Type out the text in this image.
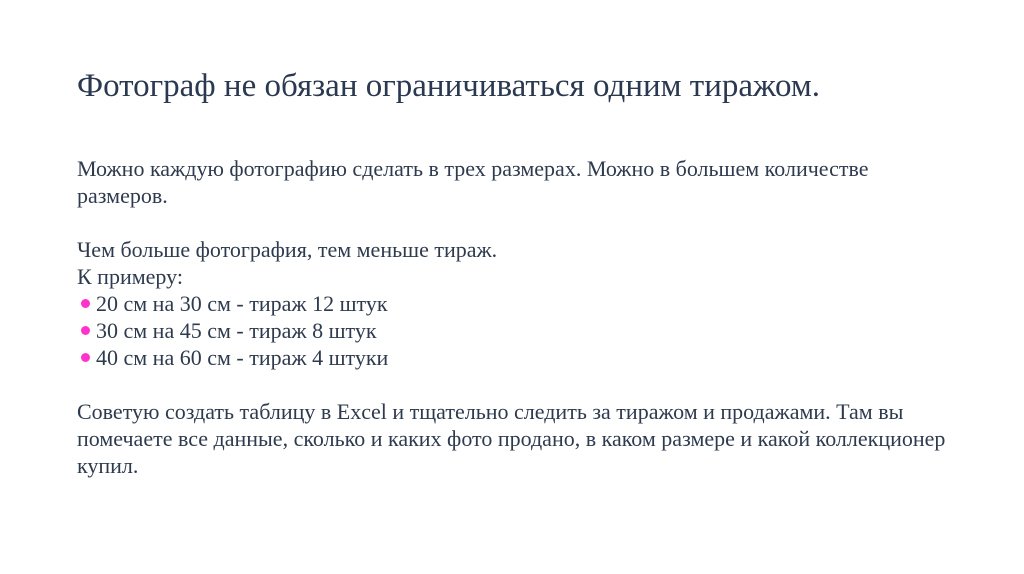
Фотограф не обязан ограничиваться одним тиражом.

Можно каждую фотографию сделать в трех размерах. Можно в большем количестве размеров.

Чем больше фотография, тем меньше тираж.
К примеру:
20 см на 30 см - тираж 12 штук
30 см на 45 см - тираж 8 штук
40 см на 60 см - тираж 4 штуки

Советую создать таблицу в Excel и тщательно следить за тиражом и продажами. Там вы помечаете все данные, сколько и каких фото продано, в каком размере и какой коллекционер купил.
